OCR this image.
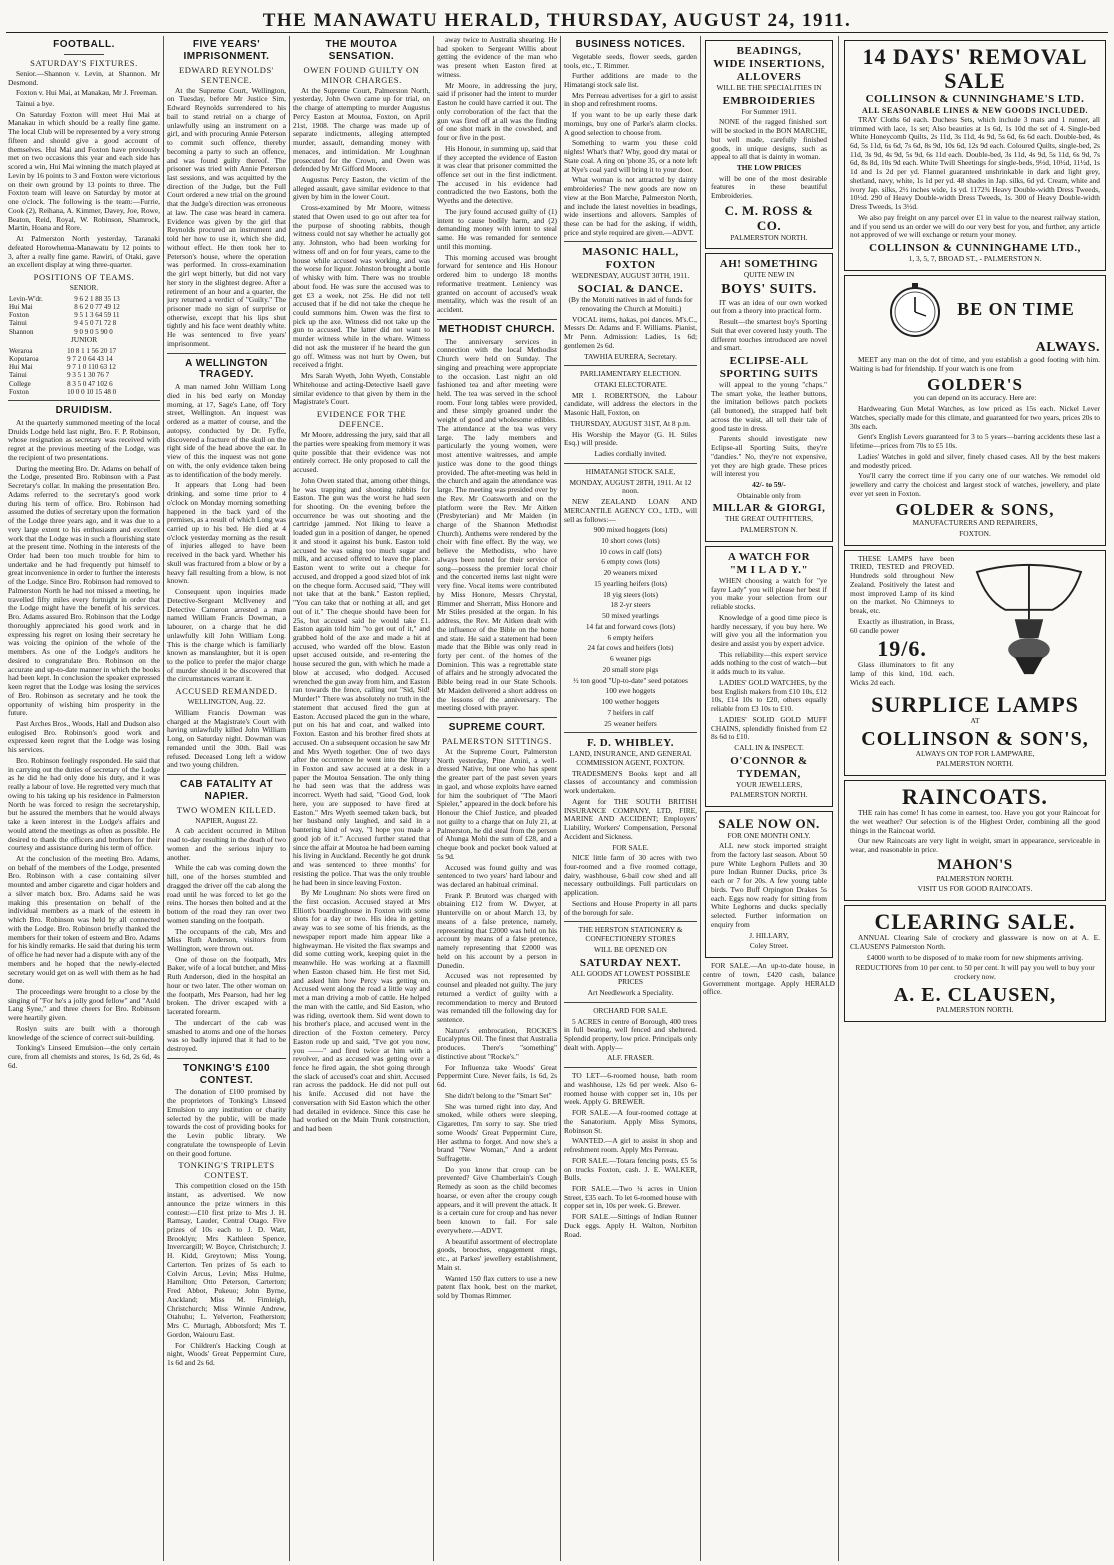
THE MANAWATU HERALD, THURSDAY, AUGUST 24, 1911.
FOOTBALL.
SATURDAY'S FIXTURES.

Senior.—Shannon v. Levin, at Shannon. Mr Desmond.

Foxton v. Hui Mai, at Manakau, Mr J. Freeman.

Tainui a bye.

On Saturday Foxton will meet Hui Mai at Manakau in which should be a really fine game. The local Club will be represented by a very strong fifteen and should give a good account of themselves. Hui Mai and Foxton have previously met on two occasions this year and each side has scored a win, Hui Mai winning the match played at Levin by 16 points to 3 and Foxton were victorious on their own ground by 13 points to three. The Foxton team will leave on Saturday by motor at one o'clock. The following is the team:—Furrie, Cook (2), Reihana, A. Kimmer, Davey, Joe, Rowe, Beaton, Reid, Royal, W. Robinson, Shamrock, Martin, Hoana and Rore.

At Palmerston North yesterday, Taranaki defeated Horowhenua-Manawatu by 12 points to 3, after a really fine game. Rawiri, of Otaki, gave an excellent display at wing three-quarter.

POSITIONS OF TEAMS.

SENIOR.

Levin-W'dr.	9 6 2 1 88 35 13
Hui Mai	8 6 2 0 77 49 12
Foxton	9 5 1 3 64 59 11
Tainui	9 4 5 0 71 72 8
Shannon	9 0 9 0 5 90 0

JUNIOR

Weraroa	10 8 1 1 56 20 17
Koputaroa	9 7 2 0 64 43 14
Hui Mai	9 7 1 0 110 63 12
Tainui	9 3 5 1 30 76 7
College	8 3 5 0 47 102 6
Foxton	10 0 0 10 15 48 0
DRUIDISM.

At the quarterly summoned meeting of the local Druids Lodge held last night, Bro. F. P. Robinson, whose resignation as secretary was received with regret at the previous meeting of the Lodge, was the recipient of two presentations.

During the meeting Bro. Dr. Adams on behalf of the Lodge, presented Bro. Robinson with a Past Secretary's collar. In making the presentation Bro. Adams referred to the secretary's good work during his term of office. Bro. Robinson had assumed the duties of secretary upon the formation of the Lodge three years ago, and it was due to a very large extent to his enthusiasm and excellent work that the Lodge was in such a flourishing state at the present time. Nothing in the interests of the Order had been too much trouble for him to undertake and he had frequently put himself to great inconvenience in order to further the interests of the Lodge. Since Bro. Robinson had removed to Palmerston North he had not missed a meeting, he travelled fifty miles every fortnight in order that the Lodge might have the benefit of his services. Bro. Adams assured Bro. Robinson that the Lodge thoroughly appreciated his good work and in expressing his regret on losing their secretary he was voicing the opinion of the whole of the members. As one of the Lodge's auditors he desired to congratulate Bro. Robinson on the accurate and up-to-date manner in which the books had been kept. In conclusion the speaker expressed keen regret that the Lodge was losing the services of Bro. Robinson as secretary and he took the opportunity of wishing him prosperity in the future.

Past Arches Bros., Woods, Hall and Dudson also eulogised Bro. Robinson's good work and expressed keen regret that the Lodge was losing his services.

Bro. Robinson feelingly responded. He said that in carrying out the duties of secretary of the Lodge as he did he had only done his duty, and it was really a labour of love. He regretted very much that owing to his taking up his residence in Palmerston North he was forced to resign the secretaryship, but he assured the members that he would always take a keen interest in the Lodge's affairs and would attend the meetings as often as possible. He desired to thank the officers and brothers for their courtesy and assistance during his term of office.

At the conclusion of the meeting Bro. Adams, on behalf of the members of the Lodge, presented Bro. Robinson with a case containing silver mounted and amber cigarette and cigar holders and a silver match box. Bro. Adams said he was making this presentation on behalf of the individual members as a mark of the esteem in which Bro. Robinson was held by all connected with the Lodge. Bro. Robinson briefly thanked the members for their token of esteem and Bro. Adams for his kindly remarks. He said that during his term of office he had never had a dispute with any of the members and he hoped that the newly-elected secretary would get on as well with them as he had done.

The proceedings were brought to a close by the singing of "For he's a jolly good fellow" and "Auld Lang Syne," and three cheers for Bro. Robinson were heartily given.

Roslyn suits are built with a thorough knowledge of the science of correct suit-building.

Tonking's Linseed Emulsion—the only certain cure, from all chemists and stores, 1s 6d, 2s 6d, 4s 6d.

FIVE YEARS' IMPRISONMENT.
EDWARD REYNOLDS' SENTENCE.

At the Supreme Court, Wellington, on Tuesday, before Mr Justice Sim, Edward Reynolds surrendered to his bail to stand retrial on a charge of unlawfully using an instrument on a girl, and with procuring Annie Peterson to commit such offence, thereby becoming a party to such an offence, and was found guilty thereof. The prisoner was tried with Annie Peterson last sessions, and was acquitted by the direction of the Judge, but the Full Court ordered a new trial on the ground that the Judge's direction was erroneous at law. The case was heard in camera. Evidence was given by the girl that Reynolds procured an instrument and told her how to use it, which she did, without effect. He then took her to Peterson's house, where the operation was performed. In cross-examination the girl wept bitterly, but did not vary her story in the slightest degree. After a retirement of an hour and a quarter, the jury returned a verdict of "Guilty." The prisoner made no sign of surprise or otherwise, except that his lips shut tightly and his face went deathly white. He was sentenced to five years' imprisonment.

A WELLINGTON TRAGEDY.

A man named John William Long died in his bed early on Monday morning, at 17, Sage's Lane, off Tory street, Wellington. An inquest was ordered as a matter of course, and the autopsy, conducted by Dr. Fyffe, discovered a fracture of the skull on the right side of the head above the ear. In view of this the inquest was not gone on with, the only evidence taken being as to identification of the body merely.

It appears that Long had been drinking, and some time prior to 4 o'clock on Monday morning something happened in the back yard of the premises, as a result of which Long was carried up to his bed. He died at 4 o'clock yesterday morning as the result of injuries alleged to have been received in the back yard. Whether his skull was fractured from a blow or by a heavy fall resulting from a blow, is not known.

Consequent upon inquiries made Detective-Sergeant McIlveney and Detective Cameron arrested a man named William Francis Dowman, a labourer, on a charge that he did unlawfully kill John William Long. This is the charge which is familiarly known as manslaughter, but it is open to the police to prefer the major charge of murder should it be discovered that the circumstances warrant it.

ACCUSED REMANDED.

WELLINGTON, Aug. 22.

William Francis Dowman was charged at the Magistrate's Court with having unlawfully killed John William Long, on Saturday night. Dowman was remanded until the 30th. Bail was refused. Deceased Long left a widow and two young children.

CAB FATALITY AT NAPIER.
TWO WOMEN KILLED.

NAPIER, August 22.

A cab accident occurred in Milton road to-day resulting in the death of two women and the serious injury to another.

While the cab was coming down the hill, one of the horses stumbled and dragged the driver off the cab along the road until he was forced to let go the reins. The horses then bolted and at the bottom of the road they ran over two women standing on the footpath.

The occupants of the cab, Mrs and Miss Ruth Anderson, visitors from Wellington, were thrown out.

One of those on the footpath, Mrs Baker, wife of a local butcher, and Miss Ruth Anderson, died in the hospital an hour or two later. The other woman on the footpath, Mrs Pearson, had her leg broken. The driver escaped with a lacerated forearm.

The undercart of the cab was smashed to atoms and one of the horses was so badly injured that it had to be destroyed.

TONKING'S £100 CONTEST.

The donation of £100 promised by the proprietors of Tonking's Linseed Emulsion to any institution or charity selected by the public, will be made towards the cost of providing books for the Levin public library. We congratulate the townspeople of Levin on their good fortune.

TONKING'S TRIPLETS CONTEST.

This competition closed on the 15th instant, as advertised. We now announce the prize winners in this contest:—£10 first prize to Mrs J. H. Ramsay, Lauder, Central Otago. Five prizes of 10s each to J. D. Watt, Brooklyn; Mrs Kathleen Spence, Invercargill; W. Boyce, Christchurch; J. H. Kidd, Greytown; Miss Young, Carterton. Ten prizes of 5s each to Colvin Arcus, Levin; Miss Hulme, Hamilton; Otto Peterson, Carterton; Fred Abbot, Pukeuo; John Byrne, Auckland; Miss M. Fimleigh, Christchurch; Miss Winnie Andrew, Otahuhu; L. Yelverton, Featherston; Mrs C. Murtagh, Abbotsford; Mrs T. Gordon, Waiouru East.

For Children's Hacking Cough at night, Woods' Great Peppermint Cure, 1s 6d and 2s 6d.

THE MOUTOA SENSATION.
OWEN FOUND GUILTY ON MINOR CHARGES.

At the Supreme Court, Palmerston North, yesterday, John Owen came up for trial, on the charge of attempting to murder Augustus Percy Easton at Moutoa, Foxton, on April 21st, 1908. The charge was made up of separate indictments, alleging attempted murder, assault, demanding money with menaces, and intimidation. Mr Loughnan prosecuted for the Crown, and Owen was defended by Mr Gifford Moore.

Augustus Percy Easton, the victim of the alleged assault, gave similar evidence to that given by him in the lower Court.

Cross-examined by Mr Moore, witness stated that Owen used to go out after tea for the purpose of shooting rabbits, though witness could not say whether he actually got any. Johnston, who had been working for witness off and on for four years, came to the house while accused was working, and was the worse for liquor. Johnston brought a bottle of whisky with him. There was no trouble about food. He was sure the accused was to get £3 a week, not 25s. He did not tell accused that if he did not take the cheque he could summons him. Owen was the first to pick up the axe. Witness did not take up the gun to accused. The latter did not want to murder witness while in the whare. Witness did not ask the musterer if he heard the gun go off. Witness was not hurt by Owen, but received a fright.

Mrs Sarah Wyeth, John Wyeth, Constable Whitehouse and acting-Detective Isaell gave similar evidence to that given by them in the Magistrate's Court.

EVIDENCE FOR THE DEFENCE.

Mr Moore, addressing the jury, said that all the parties were speaking from memory it was quite possible that their evidence was not entirely correct. He only proposed to call the accused.

John Owen stated that, among other things, he was trapping and shooting rabbits for Easton. The gun was the worst he had seen for shooting. On the evening before the occurrence he was out shooting and the cartridge jammed. Not liking to leave a loaded gun in a position of danger, he opened it and stood it against his bunk. Easton told accused he was using too much sugar and milk, and accused offered to leave the place. Easton went to write out a cheque for accused, and dropped a good sized blot of ink on the cheque form. Accused said, "They will not take that at the bank." Easton replied, "You can take that or nothing at all, and get out of it." The cheque should have been for 25s, but accused said he would take £1. Easton again told him "to get out of it," and grabbed hold of the axe and made a hit at accused, who warded off the blow. Easton upset accused outside, and re-entering the house secured the gun, with which he made a blow at accused, who dodged. Accused wrenched the gun away from him, and Easton ran towards the fence, calling out "Sid, Sid! Murder!" There was absolutely no truth in the statement that accused fired the gun at Easton. Accused placed the gun in the whare, put on his hat and coat, and walked into Foxton. Easton and his brother fired shots at accused. On a subsequent occasion he saw Mr and Mrs Wyeth together. One of two days after the occurrence he went into the library in Foxton and saw accused at a desk in a paper the Moutoa Sensation. The only thing he had seen was that the address was incorrect. Wyeth had said, "Good God, look here, you are supposed to have fired at Easton." Mrs Wyeth seemed taken back, but her husband only laughed, and said in a bantering kind of way, "I hope you made a good job of it." Accused further stated that since the affair at Moutoa he had been earning his living in Auckland. Recently he got drunk and was sentenced to three months' for resisting the police. That was the only trouble he had been in since leaving Foxton.

By Mr Loughnan: No shots were fired on the first occasion. Accused stayed at Mrs Elliott's boardinghouse in Foxton with some shots for a day or two. His idea in getting away was to see some of his friends, as the newspaper report made him appear like a highwayman. He visited the flax swamps and did some cutting work, keeping quiet in the meanwhile. He was working at a flaxmill when Easton chased him. He first met Sid, and asked him how Percy was getting on. Accused went along the road a little way and met a man driving a mob of cattle. He helped the man with the cattle, and Sid Easton, who was riding, overtook them. Sid went down to his brother's place, and accused went in the direction of the Foxton cemetery. Percy Easton rode up and said, "I've got you now, you ——" and fired twice at him with a revolver, and as accused was getting over a fence he fired again, the shot going through the slack of accused's coat and shirt. Accused ran across the paddock. He did not pull out his knife. Accused did not have the conversation with Sid Easton which the other had detailed in evidence. Since this case he had worked on the Main Trunk construction, and had been

away twice to Australia shearing. He had spoken to Sergeant Willis about getting the evidence of the man who was present when Easton fired at witness.

Mr Moore, in addressing the jury, said if prisoner had the intent to murder Easton he could have carried it out. The only corroboration of the fact that the gun was fired off at all was the finding of one shot mark in the cowshed, and four or five in the post.

His Honour, in summing up, said that if they accepted the evidence of Easton it was clear that prisoner committed the offence set out in the first indictment. The accused in his evidence had contradicted the two Eastons, both the Wyeths and the detective.

The jury found accused guilty of (1) intent to cause bodily harm, and (2) demanding money with intent to steal same. He was remanded for sentence until this morning.

This morning accused was brought forward for sentence and His Honour ordered him to undergo 18 months reformative treatment. Leniency was granted on account of accused's weak mentality, which was the result of an accident.

METHODIST CHURCH.

The anniversary services in connection with the local Methodist Church were held on Sunday. The singing and preaching were appropriate to the occasion. Last night an old fashioned tea and after meeting were held. The tea was served in the school room. Four long tables were provided, and these simply groaned under the weight of good and wholesome edibles. The attendance at the tea was very large. The lady members and particularly the young women, were most attentive waitresses, and ample justice was done to the good things provided. The after-meeting was held in the church and again the attendance was large. The meeting was presided over by the Rev. Mr Coatsworth and on the platform were the Rev. Mr Aitken (Presbyterian) and Mr Maiden (in charge of the Shannon Methodist Church). Anthems were rendered by the choir with fine effect. By the way, we believe the Methodists, who have always been noted for their service of song—possess the premier local choir and the concerted items last night were very fine. Vocal items were contributed by Miss Honore, Messrs Chrystal, Rimmer and Sherratt, Miss Honore and Mr Stiles presided at the organ. In his address, the Rev. Mr Aitken dealt with the influence of the Bible on the home and state. He said a statement had been made that the Bible was only read in forty per cent. of the homes of the Dominion. This was a regrettable state of affairs and he strongly advocated the Bible being read in our State Schools. Mr Maiden delivered a short address on the lessons of the anniversary. The meeting closed with prayer.

SUPREME COURT.
PALMERSTON SITTINGS.

At the Supreme Court, Palmerston North yesterday, Pine Amini, a well-dressed Native, but one who has spent the greater part of the past seven years in gaol, and whose exploits have earned for him the soubriquet of "The Maori Spieler," appeared in the dock before his Honour the Chief Justice, and pleaded not guilty to a charge that on July 21, at Palmerston, he did steal from the person of Ahunga Mohi the sum of £28, and a cheque book and pocket book valued at 5s 9d.

Accused was found guilty and was sentenced to two years' hard labour and was declared an habitual criminal.

Frank P. Brutord was charged with obtaining £12 from W. Dwyer, at Hunterville on or about March 13, by means of a false pretence, namely, representing that £2000 was held on his account by means of a false pretence, namely representing that £2000 was held on his account by a person in Dunedin.

Accused was not represented by counsel and pleaded not guilty. The jury returned a verdict of guilty with a recommendation to mercy and Brutord was remanded till the following day for sentence.

Nature's embrocation, ROCKE'S Eucalyptus Oil. The finest that Australia produces. There's "something" distinctive about "Rocke's."

For Influenza take Woods' Great Peppermint Cure. Never fails, 1s 6d, 2s 6d.

She didn't belong to the "Smart Set"

She was turned right into day, And smoked, while others were sleeping, Cigarettes, I'm sorry to say. She tried some Woods' Great Peppermint Cure, Her asthma to forget. And now she's a brand "New Woman," And a ardent Suffragette.

Do you know that croup can be prevented? Give Chamberlain's Cough Remedy as soon as the child becomes hoarse, or even after the croupy cough appears, and it will prevent the attack. It is a certain cure for croup and has never been known to fail. For sale everywhere.—ADVT.

A beautiful assortment of electroplate goods, brooches, engagement rings, etc., at Parkes' jewellery establishment, Main st.

Wanted 150 flax cutters to use a new patent flax hook, best on the market, sold by Thomas Rimmer.

BUSINESS NOTICES.

Vegetable seeds, flower seeds, garden tools, etc., T. Rimmer.

Further additions are made to the Himatangi stock sale list.

Mrs Perreau advertises for a girl to assist in shop and refreshment rooms.

If you want to be up early these dark mornings, buy one of Parke's alarm clocks. A good selection to choose from.

Something to warm you these cold nights! What's that? Why, good dry matai or State coal. A ring on 'phone 35, or a note left at Nye's coal yard will bring it to your door.

What woman is not attracted by dainty embroideries? The new goods are now on view at the Bon Marche, Palmerston North, and include the latest novelties in beadings, wide insertions and allovers. Samples of these can be had for the asking, if width, price and style required are given.—ADVT.

MASONIC HALL, FOXTON

WEDNESDAY, AUGUST 30TH, 1911.

SOCIAL & DANCE.

(By the Motuiti natives in aid of funds for renovating the Church at Motuiti.)

VOCAL items, hakas, poi dances. M's.C., Messrs Dr. Adams and F. Williams. Pianist, Mr Penn. Admission: Ladies, 1s 6d; gentlemen 2s 6d.

TAWHIA EURERA, Secretary.

PARLIAMENTARY ELECTION.

OTAKI ELECTORATE.

MR I. ROBERTSON, the Labour candidate, will address the electors in the Masonic Hall, Foxton, on

THURSDAY, AUGUST 31ST, At 8 p.m.

His Worship the Mayor (G. H. Stiles Esq.) will preside.

Ladies cordially invited.

HIMATANGI STOCK SALE,

MONDAY, AUGUST 28TH, 1911. At 12 noon.

NEW ZEALAND LOAN AND MERCANTILE AGENCY CO., LTD., will sell as follows:—

900 mixed hoggets (lots)

10 short cows (lots)

10 cows in calf (lots)

6 empty cows (lots)

20 weaners mixed

15 yearling heifers (lots)

18 yig steers (lots)

18 2-yr steers

50 mixed yearlings

14 fat and forward cows (lots)

6 empty heifers

24 fat cows and heifers (lots)

6 weaner pigs

20 small store pigs

½ ton good "Up-to-date" seed potatoes

100 ewe hoggets

100 wether hoggets

7 heifers in calf

25 weaner heifers

F. D. WHIBLEY.

LAND, INSURANCE, AND GENERAL COMMISSION AGENT, FOXTON.

TRADESMEN'S Books kept and all classes of accountancy and commission work undertaken.

Agent for THE SOUTH BRITISH INSURANCE COMPANY, LTD, FIRE, MARINE AND ACCIDENT; Employers' Liability, Workers' Compensation, Personal Accident and Sickness.

FOR SALE.

NICE little farm of 30 acres with two four-roomed and a five roomed cottage, dairy, washhouse, 6-bail cow shed and all necessary outbuildings. Full particulars on application.

Sections and House Property in all parts of the borough for sale.

THE HERSTON STATIONERY & CONFECTIONERY STORES

WILL BE OPENED ON

SATURDAY NEXT.

ALL GOODS AT LOWEST POSSIBLE PRICES

Art Needlework a Speciality.

ORCHARD FOR SALE.

5 ACRES in centre of Borough, 400 trees in full bearing, well fenced and sheltered. Splendid property, low price. Principals only dealt with. Apply—

ALF. FRASER.

TO LET—6-roomed house, bath room and washhouse, 12s 6d per week. Also 6-roomed house with copper set in, 10s per week. Apply G. BREWER.

FOR SALE.—A four-roomed cottage at the Sanatorium. Apply Miss Symons, Robinson St.

WANTED.—A girl to assist in shop and refreshment room. Apply Mrs Perreau.

FOR SALE.—Totara fencing posts, £5 5s on trucks Foxton, cash. J. E. WALKER, Bulls.

FOR SALE.—Two ¼ acres in Union Street, £35 each. To let 6-roomed house with copper set in, 10s per week. G. Brewer.

FOR SALE.—Sittings of Indian Runner Duck eggs. Apply H. Walton, Norbiton Road.

BEADINGS,
WIDE INSERTIONS,
ALLOVERS

WILL BE THE SPECIALITIES IN

EMBROIDERIES

For Summer 1911.

NONE of the ragged finished sort will be stocked in the BON MARCHE, but well made, carefully finished goods, in unique designs, such as appeal to all that is dainty in woman.

THE LOW PRICES

will be one of the most desirable features in these beautiful Embroideries.

C. M. ROSS & CO.

PALMERSTON NORTH.

AH! SOMETHING

QUITE NEW IN

BOYS' SUITS.

IT was an idea of our own worked out from a theory into practical form.

Result—the smartest boy's Sporting Suit that ever covered lusty youth. The different touches introduced are novel and smart.

ECLIPSE-ALL SPORTING SUITS

will appeal to the young "chaps." The smart yoke, the leather buttons, the imitation bellows patch pockets (all buttoned), the strapped half belt across the waist, all tell their tale of good taste in dress.

Parents should investigate new Eclipse-all Sporting Suits, they're "dandies." No, they're not expensive, yet they are high grade. These prices will interest you

42/- to 59/-

Obtainable only from

MILLAR & GIORGI,

THE GREAT OUTFITTERS,

PALMERSTON N.

A WATCH FOR
"M I L A D Y."

WHEN choosing a watch for "ye fayre Lady" you will please her best if you make your selection from our reliable stocks.

Knowledge of a good time piece is hardly necessary, if you buy here. We will give you all the information you desire and assist you by expert advice.

This reliability—this expert service adds nothing to the cost of watch—but it adds much to its value.

LADIES' GOLD WATCHES, by the best English makers from £10 10s, £12 10s, £14 10s to £20, others equally reliable from £3 10s to £10.

LADIES' SOLID GOLD MUFF CHAINS, splendidly finished from £2 8s 6d to £10.

CALL IN & INSPECT.

O'CONNOR & TYDEMAN,

YOUR JEWELLERS,

PALMERSTON NORTH.

SALE NOW ON.

FOR ONE MONTH ONLY.

ALL new stock imported straight from the factory last season. About 50 pure White Leghorn Pullets and 30 pure Indian Runner Ducks, price 3s each or 7 for 20s. A few young table birds. Two Buff Orpington Drakes 5s each. Eggs now ready for sitting from White Leghorns and ducks specially selected. Further information on enquiry from

J. HILLARY,

Coley Street.

FOR SALE.—An up-to-date house, in centre of town, £420 cash, balance Government mortgage. Apply HERALD office.

14 DAYS' REMOVAL SALE
COLLINSON & CUNNINGHAME'S LTD.
ALL SEASONABLE LINES & NEW GOODS INCLUDED.

TRAY Cloths 6d each. Duchess Sets, which include 3 mats and 1 runner, all trimmed with lace, 1s set; Also beauties at 1s 6d, 1s 10d the set of 4. Single-bed White Honeycomb Quilts, 2s 11d, 3s 11d, 4s 9d, 5s 6d, 6s 6d each. Double-bed, 4s 6d, 5s 11d, 6s 6d, 7s 6d, 8s 9d, 10s 6d, 12s 9d each. Coloured Quilts, single-bed, 2s 11d, 3s 9d, 4s 9d, 5s 9d, 6s 11d each. Double-bed, 3s 11d, 4s 9d, 5s 11d, 6s 9d, 7s 6d, 8s 8d, 10s 9d each. White Twill Sheetings for single-beds, 9½d, 10½d, 11½d, 1s 1d and 1s 2d per yd. Flannel guaranteed unshrinkable in dark and light grey, shetland, navy, white, 1s 1d per yd. 48 shades in Jap. silks, 6d yd. Cream, white and ivory Jap. silks, 2½ inches wide, 1s yd. 1172¾ Heavy Double-width Dress Tweeds, 10½d. 290 of Heavy Double-width Dress Tweeds, 1s. 300 of Heavy Double-width Dress Tweeds, 1s 3½d.

We also pay freight on any parcel over £1 in value to the nearest railway station, and if you send us an order we will do our very best for you, and further, any article not approved of we will exchange or return your money.

COLLINSON & CUNNINGHAME LTD.,

1, 3, 5, 7, BROAD ST., - PALMERSTON N.

BE ON TIME
ALWAYS.

MEET any man on the dot of time, and you establish a good footing with him. Waiting is bad for friendship. If your watch is one from

GOLDER'S

you can depend on its accuracy. Here are:

Hardwearing Gun Metal Watches, as low priced as 15s each. Nickel Lever Watches, specially made for this climate, and guaranteed for two years, prices 20s to 30s each.

Gent's English Levers guaranteed for 3 to 5 years—barring accidents these last a lifetime—prices from 70s to £5 10s.

Ladies' Watches in gold and silver, finely chased cases. All by the best makers and modestly priced.

You'll carry the correct time if you carry one of our watches. We remodel old jewellery and carry the choicest and largest stock of watches, jewellery, and plate ever yet seen in Foxton.

GOLDER & SONS,

MANUFACTURERS AND REPAIRERS,

FOXTON.

THESE LAMPS have been TRIED, TESTED and PROVED. Hundreds sold throughout New Zealand. Positively the latest and most improved Lamp of its kind on the market. No Chimneys to break, etc.

Exactly as illustration, in Brass, 60 candle power

19/6.

Glass illuminators to fit any lamp of this kind, 10d. each. Wicks 2d each.

SURPLICE LAMPS

AT

COLLINSON & SON'S,

ALWAYS ON TOP FOR LAMPWARE,

PALMERSTON NORTH.

RAINCOATS.

THE rain has come! It has come in earnest, too. Have you got your Raincoat for the wet weather? Our selection is of the Highest Order, combining all the good things in the Raincoat world.

Our new Raincoats are very light in weight, smart in appearance, serviceable in wear, and reasonable in price.

MAHON'S

PALMERSTON NORTH.

VISIT US FOR GOOD RAINCOATS.

CLEARING SALE.

ANNUAL Clearing Sale of crockery and glassware is now on at A. E. CLAUSEN'S Palmerston North.

£4000 worth to be disposed of to make room for new shipments arriving.

REDUCTIONS from 10 per cent. to 50 per cent. It will pay you well to buy your crockery now.

A. E. CLAUSEN,

PALMERSTON NORTH.
